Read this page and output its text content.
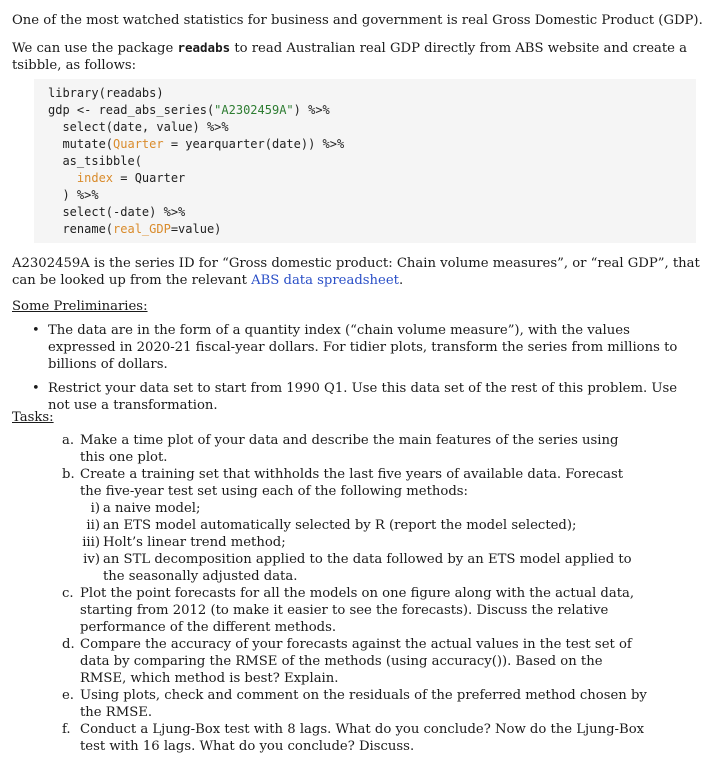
One of the most watched statistics for business and government is real Gross Domestic Product (GDP).

We can use the package readabs to read Australian real GDP directly from ABS website and create a tsibble, as follows:

library(readabs)
gdp <- read_abs_series("A2302459A") %>%
select(date, value) %>%
mutate(Quarter = yearquarter(date)) %>%
as_tsibble(
index = Quarter
) %>%
select(-date) %>%
rename(real_GDP=value)

A2302459A is the series ID for “Gross domestic product: Chain volume measures”, or “real GDP”, that can be looked up from the relevant ABS data spreadsheet.

Some Preliminaries:

• The data are in the form of a quantity index (“chain volume measure”), with the values expressed in 2020-21 fiscal-year dollars. For tidier plots, transform the series from millions to billions of dollars.
• Restrict your data set to start from 1990 Q1. Use this data set of the rest of this problem. Use not use a transformation.

Tasks:

a. Make a time plot of your data and describe the main features of the series using this one plot.
b. Create a training set that withholds the last five years of available data. Forecast the five-year test set using each of the following methods:
i) a naive model;
ii) an ETS model automatically selected by R (report the model selected);
iii) Holt’s linear trend method;
iv) an STL decomposition applied to the data followed by an ETS model applied to the seasonally adjusted data.
c. Plot the point forecasts for all the models on one figure along with the actual data, starting from 2012 (to make it easier to see the forecasts). Discuss the relative performance of the different methods.
d. Compare the accuracy of your forecasts against the actual values in the test set of data by comparing the RMSE of the methods (using accuracy()). Based on the RMSE, which method is best? Explain.
e. Using plots, check and comment on the residuals of the preferred method chosen by the RMSE.
f. Conduct a Ljung-Box test with 8 lags. What do you conclude? Now do the Ljung-Box test with 16 lags. What do you conclude? Discuss.
